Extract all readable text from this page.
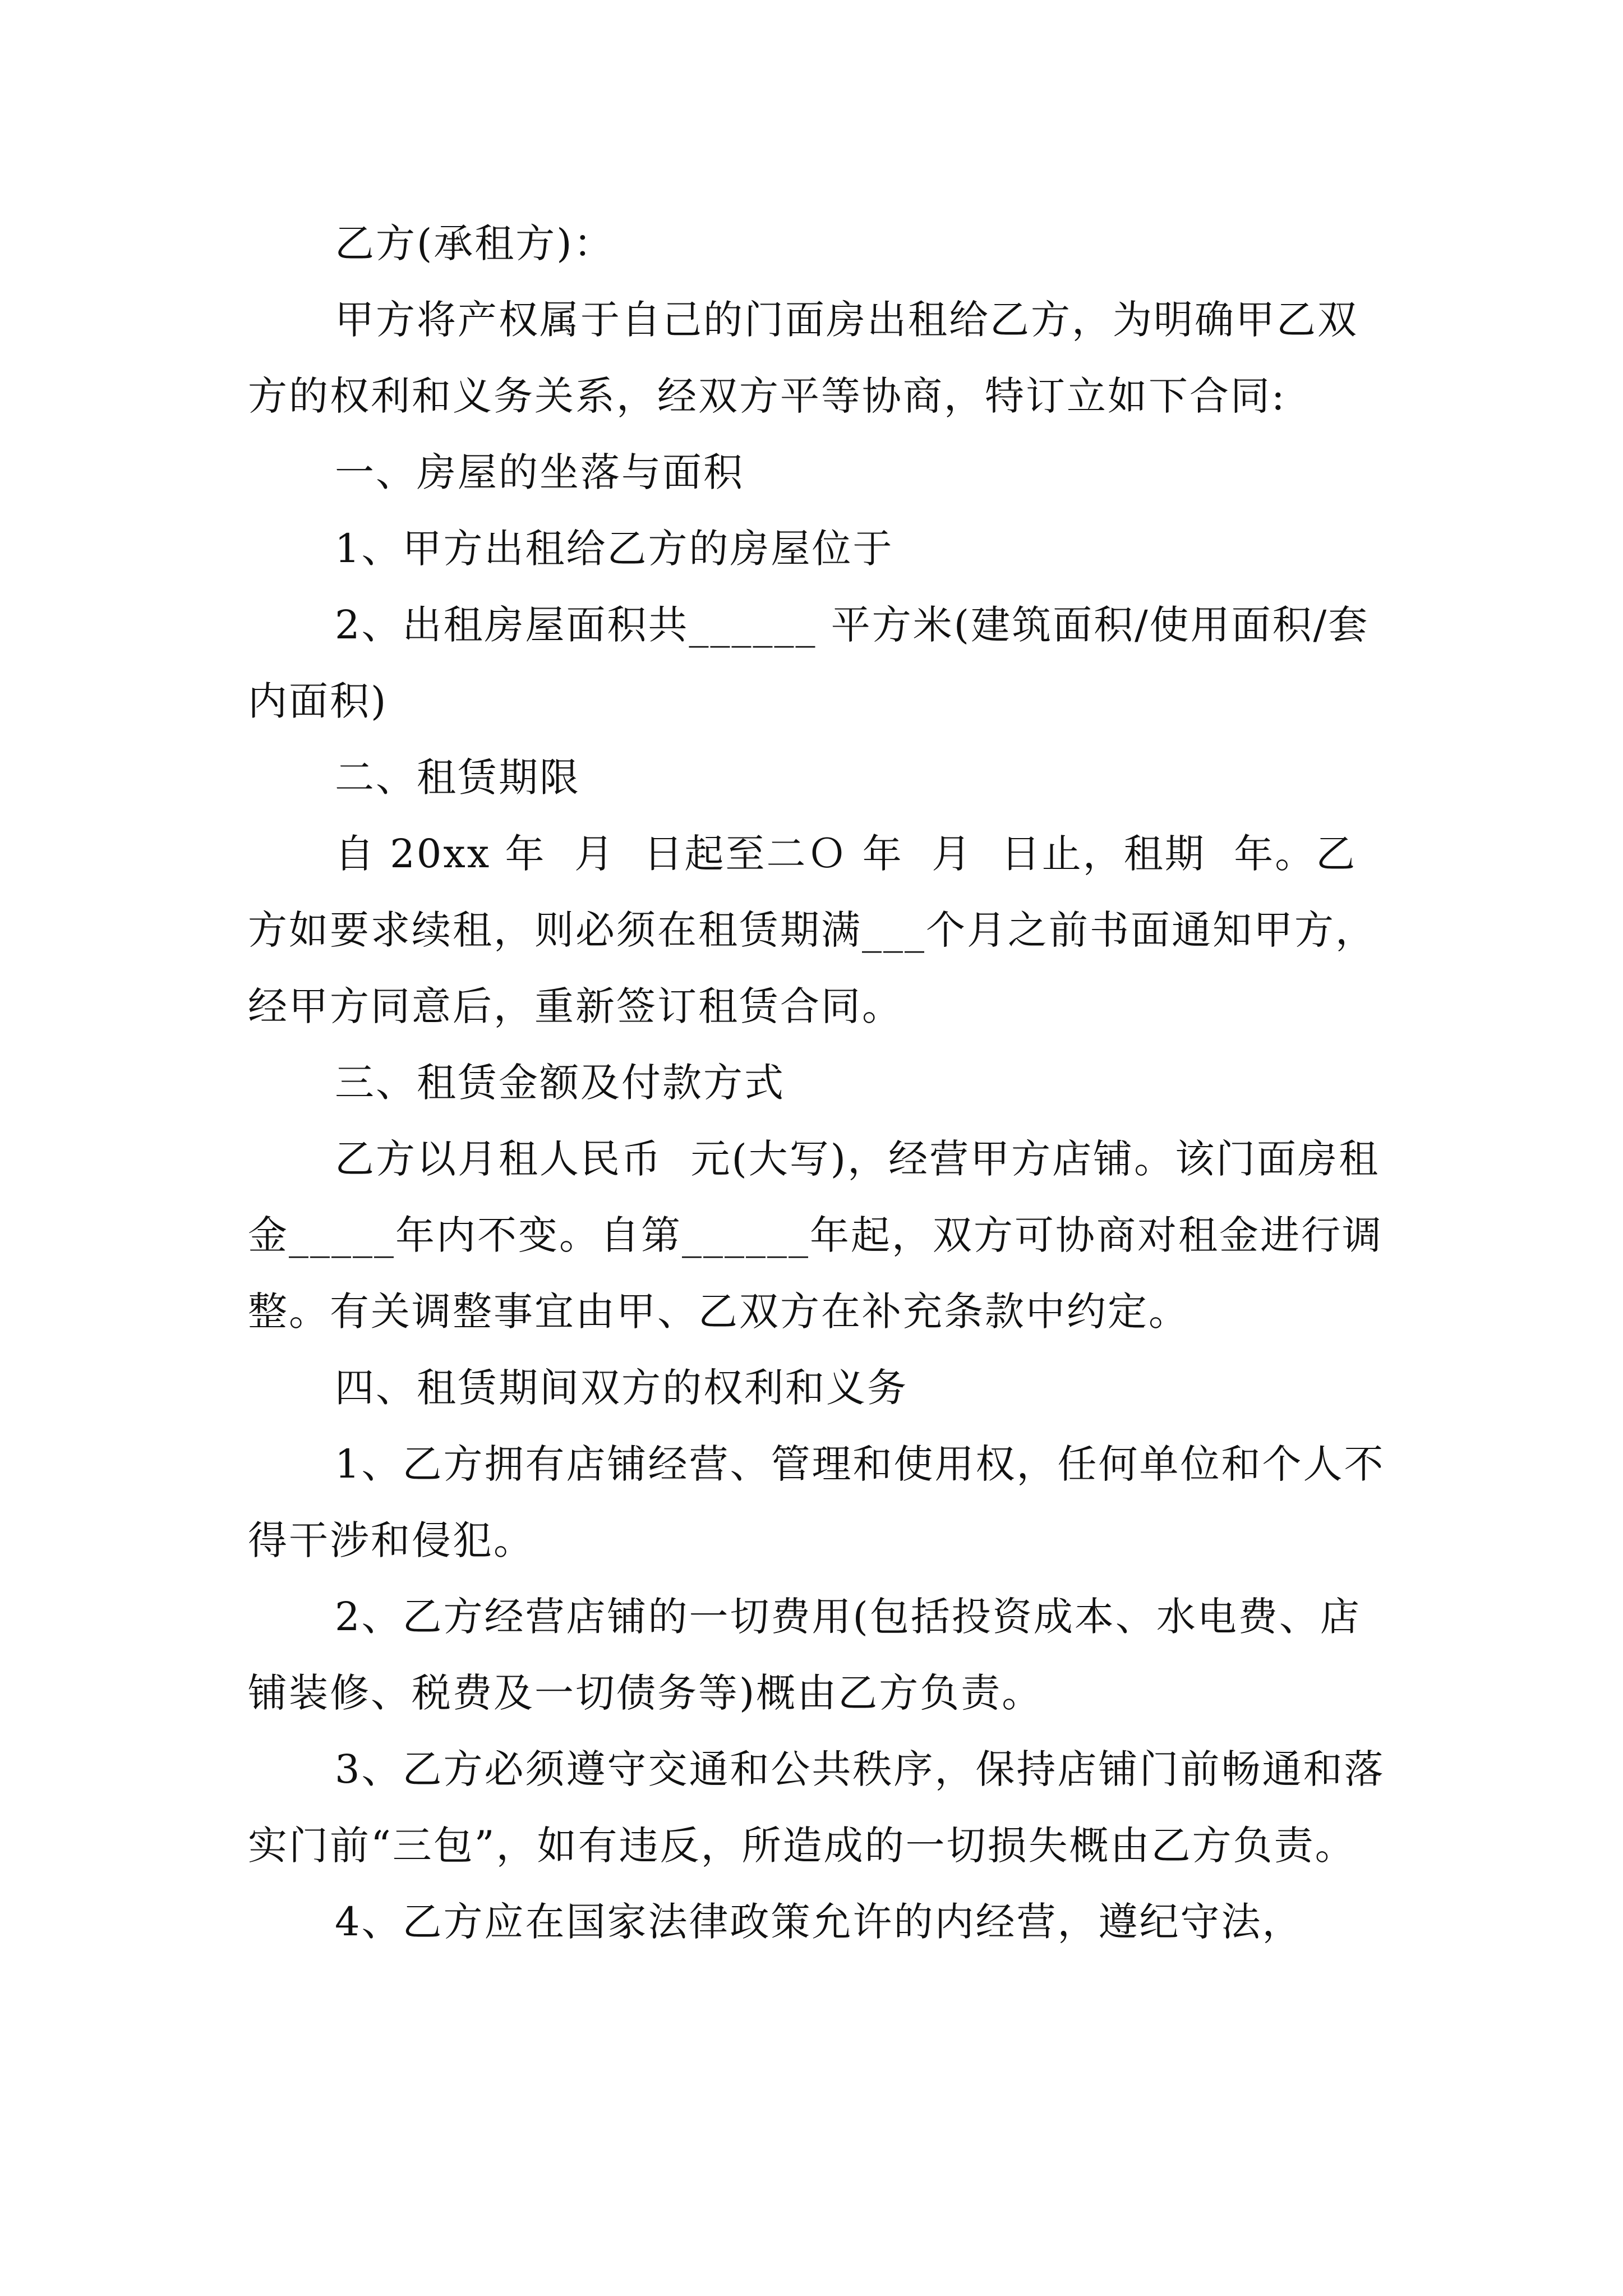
乙方(承租方)：

甲方将产权属于自己的门面房出租给乙方，为明确甲乙双方的权利和义务关系，经双方平等协商，特订立如下合同:

一、房屋的坐落与面积

1、甲方出租给乙方的房屋位于

2、出租房屋面积共______ 平方米(建筑面积/使用面积/套内面积)

二、租赁期限

自 20xx 年  月  日起至二Ｏ 年  月  日止，租期  年。乙方如要求续租，则必须在租赁期满___个月之前书面通知甲方，经甲方同意后，重新签订租赁合同。

三、租赁金额及付款方式

乙方以月租人民币  元(大写)，经营甲方店铺。该门面房租金_____年内不变。自第______年起，双方可协商对租金进行调整。有关调整事宜由甲、乙双方在补充条款中约定。

四、租赁期间双方的权利和义务

1、乙方拥有店铺经营、管理和使用权，任何单位和个人不得干涉和侵犯。

2、乙方经营店铺的一切费用(包括投资成本、水电费、店铺装修、税费及一切债务等)概由乙方负责。

3、乙方必须遵守交通和公共秩序，保持店铺门前畅通和落实门前“三包”，如有违反，所造成的一切损失概由乙方负责。

4、乙方应在国家法律政策允许的内经营，遵纪守法，
